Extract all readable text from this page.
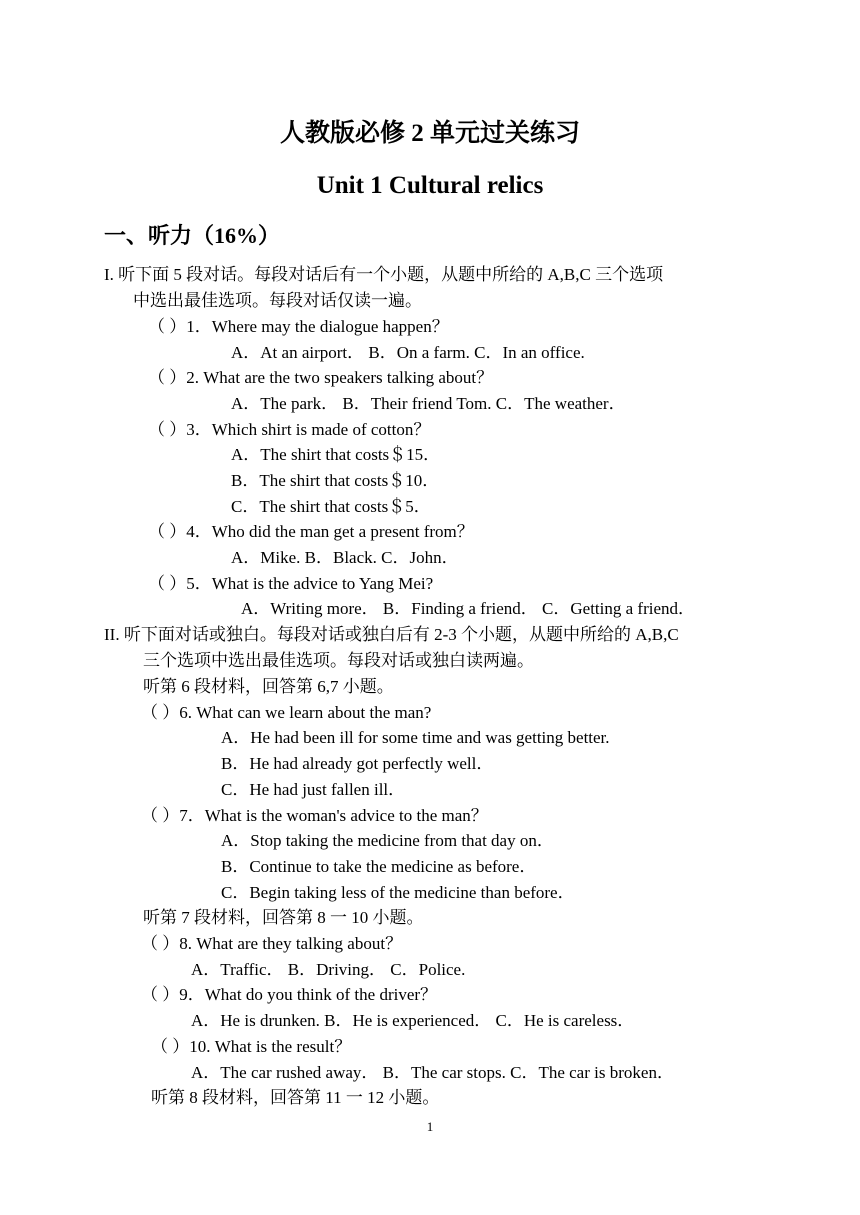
人教版必修 2 单元过关练习
Unit 1 Cultural relics
一、听力（16%）
I. 听下面 5 段对话。每段对话后有一个小题，从题中所给的 A,B,C 三个选项
中选出最佳选项。每段对话仅读一遍。
（ ）1．Where may the dialogue happen？
A．At an airport． B．On a farm. C．In an office.
（ ）2. What are the two speakers talking about？
A．The park． B．Their friend Tom. C．The weather．
（ ）3．Which shirt is made of cotton？
A．The shirt that costs＄15．
B．The shirt that costs＄10．
C．The shirt that costs＄5．
（ ）4．Who did the man get a present from？
A．Mike. B．Black. C．John．
（ ）5．What is the advice to Yang Mei?
A．Writing more． B．Finding a friend． C．Getting a friend．
II. 听下面对话或独白。每段对话或独白后有 2-3 个小题，从题中所给的 A,B,C
三个选项中选出最佳选项。每段对话或独白读两遍。
听第 6 段材料，回答第 6,7 小题。
（ ）6. What can we learn about the man?
A．He had been ill for some time and was getting better.
B．He had already got perfectly well．
C．He had just fallen ill．
（ ）7．What is the woman's advice to the man？
A．Stop taking the medicine from that day on．
B．Continue to take the medicine as before．
C．Begin taking less of the medicine than before．
听第 7 段材料，回答第 8 一 10 小题。
（ ）8. What are they talking about？
A．Traffic． B．Driving． C．Police.
（ ）9．What do you think of the driver？
A．He is drunken. B．He is experienced． C．He is careless．
（ ）10. What is the result？
A．The car rushed away． B．The car stops. C．The car is broken．
听第 8 段材料，回答第 11 一 12 小题。
1
